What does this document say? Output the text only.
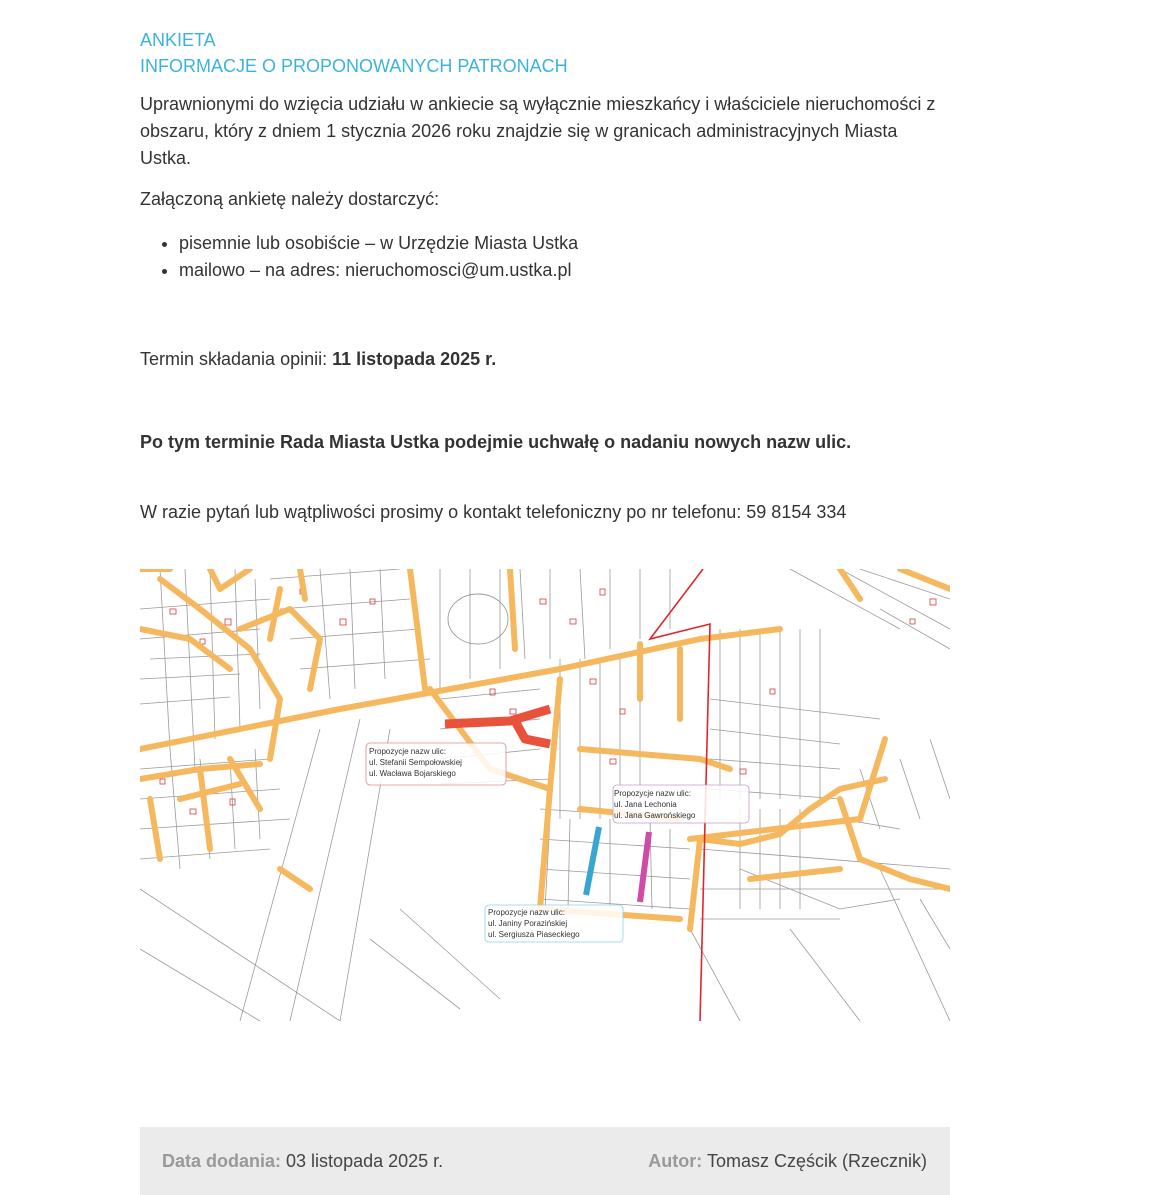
ANKIETA
INFORMACJE O PROPONOWANYCH PATRONACH

Uprawnionymi do wzięcia udziału w ankiecie są wyłącznie mieszkańcy i właściciele nieruchomości z obszaru, który z dniem 1 stycznia 2026 roku znajdzie się w granicach administracyjnych Miasta Ustka.

Załączoną ankietę należy dostarczyć:

• pisemnie lub osobiście – w Urzędzie Miasta Ustka
• mailowo – na adres: nieruchomosci@um.ustka.pl

Termin składania opinii: 11 listopada 2025 r.

Po tym terminie Rada Miasta Ustka podejmie uchwałę o nadaniu nowych nazw ulic.

W razie pytań lub wątpliwości prosimy o kontakt telefoniczny po nr telefonu: 59 8154 334

Propozycje nazw ulic:
ul. Stefanii Sempołowskiej
ul. Wacława Bojarskiego
Propozycje nazw ulic:
ul. Jana Lechonia
ul. Jana Gawrońskiego
Propozycje nazw ulic:
ul. Janiny Porazińskiej
ul. Sergiusza Piaseckiego
Data dodania: 03 listopada 2025 r.	Autor: Tomasz Częścik (Rzecznik)
